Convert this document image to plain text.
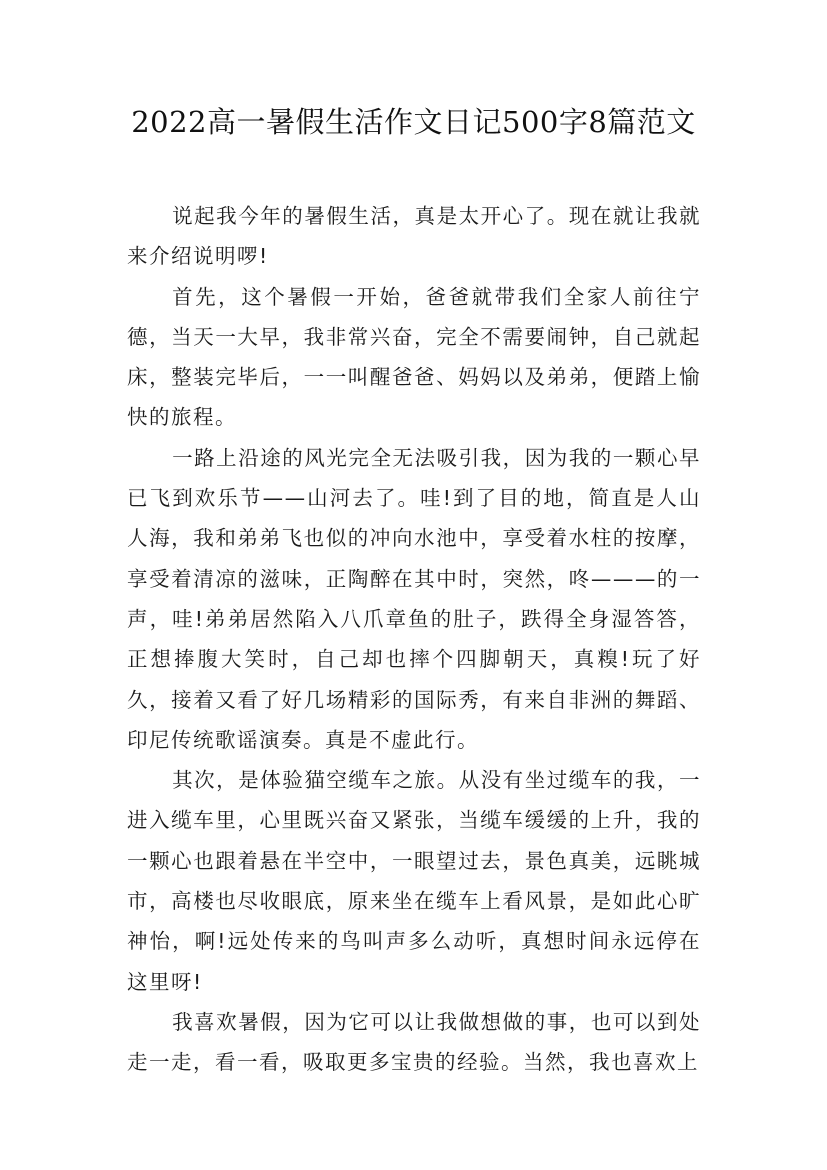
2022高一暑假生活作文日记500字8篇范文

说起我今年的暑假生活，真是太开心了。现在就让我就来介绍说明啰!

首先，这个暑假一开始，爸爸就带我们全家人前往宁德，当天一大早，我非常兴奋，完全不需要闹钟，自己就起床，整装完毕后，一一叫醒爸爸、妈妈以及弟弟，便踏上愉快的旅程。

一路上沿途的风光完全无法吸引我，因为我的一颗心早已飞到欢乐节——山河去了。哇!到了目的地，简直是人山人海，我和弟弟飞也似的冲向水池中，享受着水柱的按摩，享受着清凉的滋味，正陶醉在其中时，突然，咚———的一声，哇!弟弟居然陷入八爪章鱼的肚子，跌得全身湿答答，正想捧腹大笑时，自己却也摔个四脚朝天，真糗!玩了好久，接着又看了好几场精彩的国际秀，有来自非洲的舞蹈、印尼传统歌谣演奏。真是不虚此行。

其次，是体验猫空缆车之旅。从没有坐过缆车的我，一进入缆车里，心里既兴奋又紧张，当缆车缓缓的上升，我的一颗心也跟着悬在半空中，一眼望过去，景色真美，远眺城市，高楼也尽收眼底，原来坐在缆车上看风景，是如此心旷神怡，啊!远处传来的鸟叫声多么动听，真想时间永远停在这里呀!

我喜欢暑假，因为它可以让我做想做的事，也可以到处走一走，看一看，吸取更多宝贵的经验。当然，我也喜欢上
